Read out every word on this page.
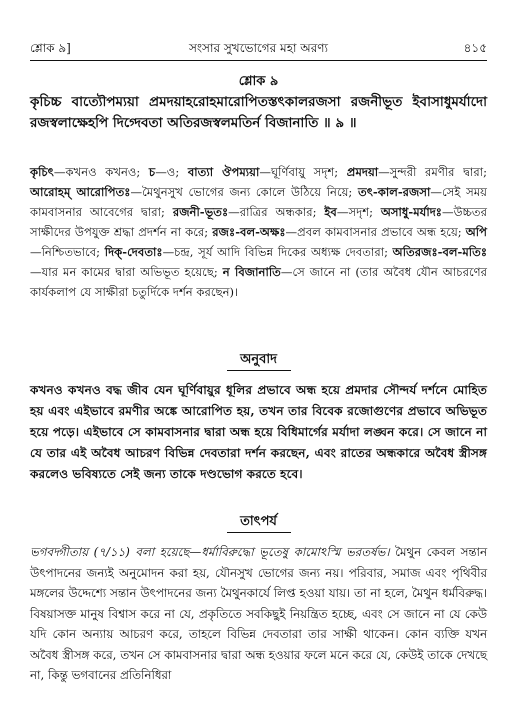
শ্লোক ৯]	সংসার সুখভোগের মহা অরণ্য	৪১৫
শ্লোক ৯
কৃচিচ্চ বাত্যৌপম্যয়া প্রমদয়াহরোহমারোপিতস্তৎকালরজসা রজনীভূত ইবাসাধুমর্যাদো রজস্বলাক্ষেহপি দিগ্দেবতা অতিরজস্বলমতির্ন বিজানাতি ॥ ৯ ॥
কৃচিৎ—কখনও কখনও; চ—ও; বাত্যা ঔপম্যয়া—ঘূর্ণিবায়ু সদৃশ; প্রমদয়া—সুন্দরী রমণীর দ্বারা; আরোহম্ আরোপিতঃ—মৈথুনসুখ ভোগের জন্য কোলে উঠিয়ে নিয়ে; তৎ-কাল-রজসা—সেই সময় কামবাসনার আবেগের দ্বারা; রজনী-ভূতঃ—রাত্রির অন্ধকার; ইব—সদৃশ; অসাধু-মর্যাদঃ—উচ্চতর সাক্ষীদের উপযুক্ত শ্রদ্ধা প্রদর্শন না করে; রজঃ-বল-অক্ষঃ—প্রবল কামবাসনার প্রভাবে অন্ধ হয়ে; অপি—নিশ্চিতভাবে; দিক্-দেবতাঃ—চন্দ্র, সূর্য আদি বিভিন্ন দিকের অধ্যক্ষ দেবতারা; অতিরজঃ-বল-মতিঃ—যার মন কামের দ্বারা অভিভূত হয়েছে; ন বিজানাতি—সে জানে না (তার অবৈধ যৌন আচরণের কার্যকলাপ যে সাক্ষীরা চতুর্দিকে দর্শন করছেন)।
অনুবাদ
কখনও কখনও বদ্ধ জীব যেন ঘূর্ণিবায়ুর ধূলির প্রভাবে অন্ধ হয়ে প্রমদার সৌন্দর্য দর্শনে মোহিত হয় এবং এইভাবে রমণীর অঙ্কে আরোপিত হয়, তখন তার বিবেক রজোগুণের প্রভাবে অভিভূত হয়ে পড়ে। এইভাবে সে কামবাসনার দ্বারা অন্ধ হয়ে বিধিমার্গের মর্যাদা লঙ্ঘন করে। সে জানে না যে তার এই অবৈধ আচরণ বিভিন্ন দেবতারা দর্শন করছেন, এবং রাতের অন্ধকারে অবৈধ স্ত্রীসঙ্গ করলেও ভবিষ্যতে সেই জন্য তাকে দণ্ডভোগ করতে হবে।
তাৎপর্য
ভগবদ্গীতায় (৭/১১) বলা হয়েছে—ধর্মাবিরুদ্ধো ভূতেষু কামোঽস্মি ভরতর্ষভ। মৈথুন কেবল সন্তান উৎপাদনের জন্যই অনুমোদন করা হয়, যৌনসুখ ভোগের জন্য নয়। পরিবার, সমাজ এবং পৃথিবীর মঙ্গলের উদ্দেশ্যে সন্তান উৎপাদনের জন্য মৈথুনকার্যে লিপ্ত হওয়া যায়। তা না হলে, মৈথুন ধর্মবিরুদ্ধ। বিষয়াসক্ত মানুষ বিশ্বাস করে না যে, প্রকৃতিতে সবকিছুই নিয়ন্ত্রিত হচ্ছে, এবং সে জানে না যে কেউ যদি কোন অন্যায় আচরণ করে, তাহলে বিভিন্ন দেবতারা তার সাক্ষী থাকেন। কোন ব্যক্তি যখন অবৈধ স্ত্রীসঙ্গ করে, তখন সে কামবাসনার দ্বারা অন্ধ হওয়ার ফলে মনে করে যে, কেউই তাকে দেখছে না, কিন্তু ভগবানের প্রতিনিধিরা
